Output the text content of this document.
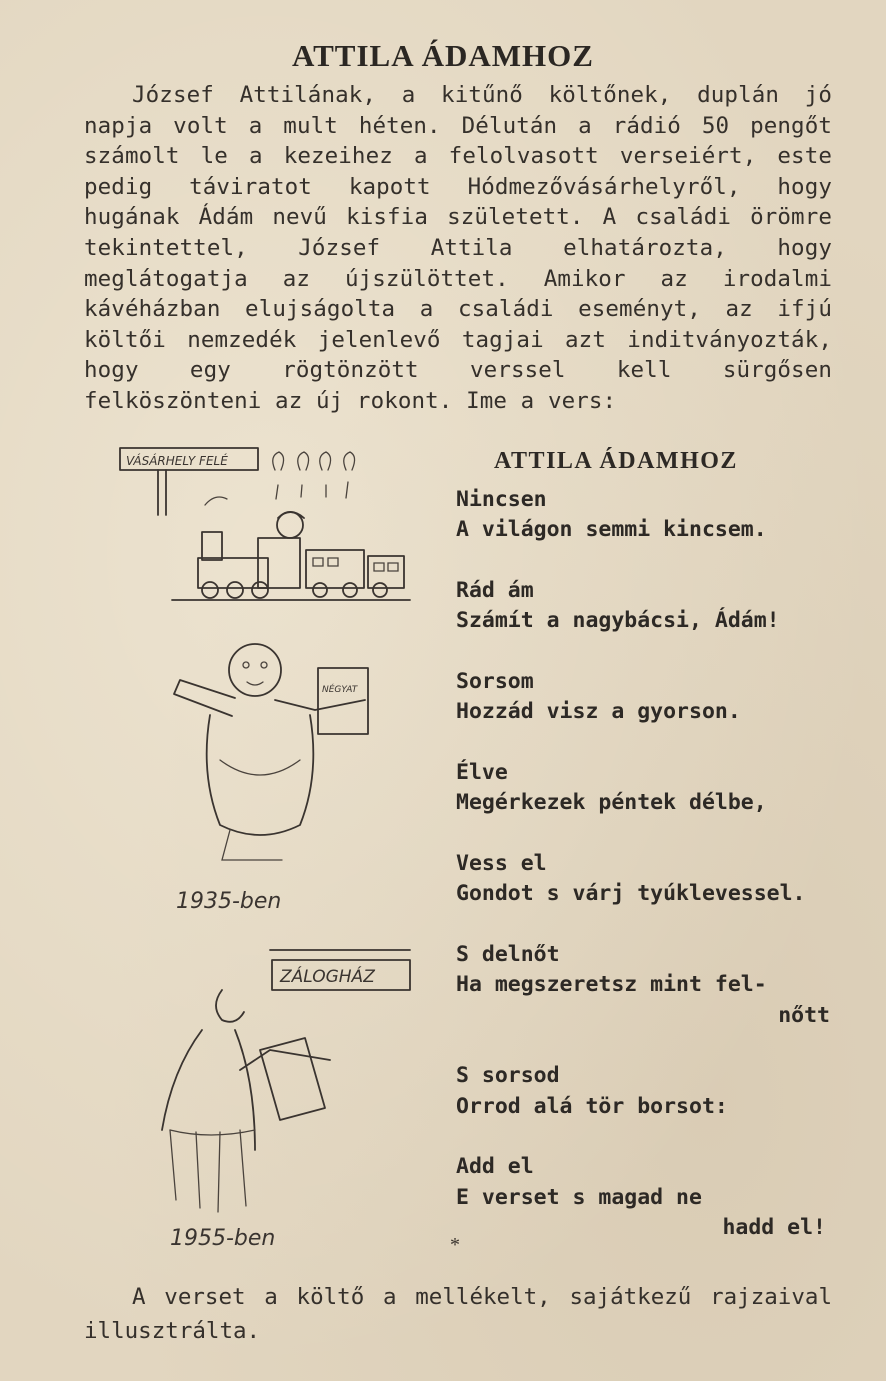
ATTILA ÁDAMHOZ
József Attilának, a kitűnő költőnek, duplán jó napja volt a mult héten. Délután a rádió 50 pengőt számolt le a kezeihez a felolvasott verseiért, este pedig táviratot kapott Hódmezővásárhelyről, hogy hugának Ádám nevű kisfia született. A családi örömre tekintettel, József Attila elhatározta, hogy meglátogatja az újszülöttet. Amikor az irodalmi kávéházban elujságolta a családi eseményt, az ifjú költői nemzedék jelenlevő tagjai azt inditványozták, hogy egy rögtönzött verssel kell sürgősen felköszönteni az új rokont. Ime a vers:
VÁSÁRHELY FELÉ
NÉGYAT
1935-ben
ZÁLOGHÁZ
1955-ben
ATTILA ÁDAMHOZ
Nincsen
A világon semmi kincsem.
Rád ám
Számít a nagybácsi, Ádám!
Sorsom
Hozzád visz a gyorson.
Élve
Megérkezek péntek délbe,
Vess el
Gondot s várj tyúklevessel.
S delnőt
Ha megszeretsz mint fel-
nőtt
S sorsod
Orrod alá tör borsot:
Add el
E verset s magad ne
hadd el!
*
A verset a költő a mellékelt, sajátkezű rajzaival illusztrálta.
